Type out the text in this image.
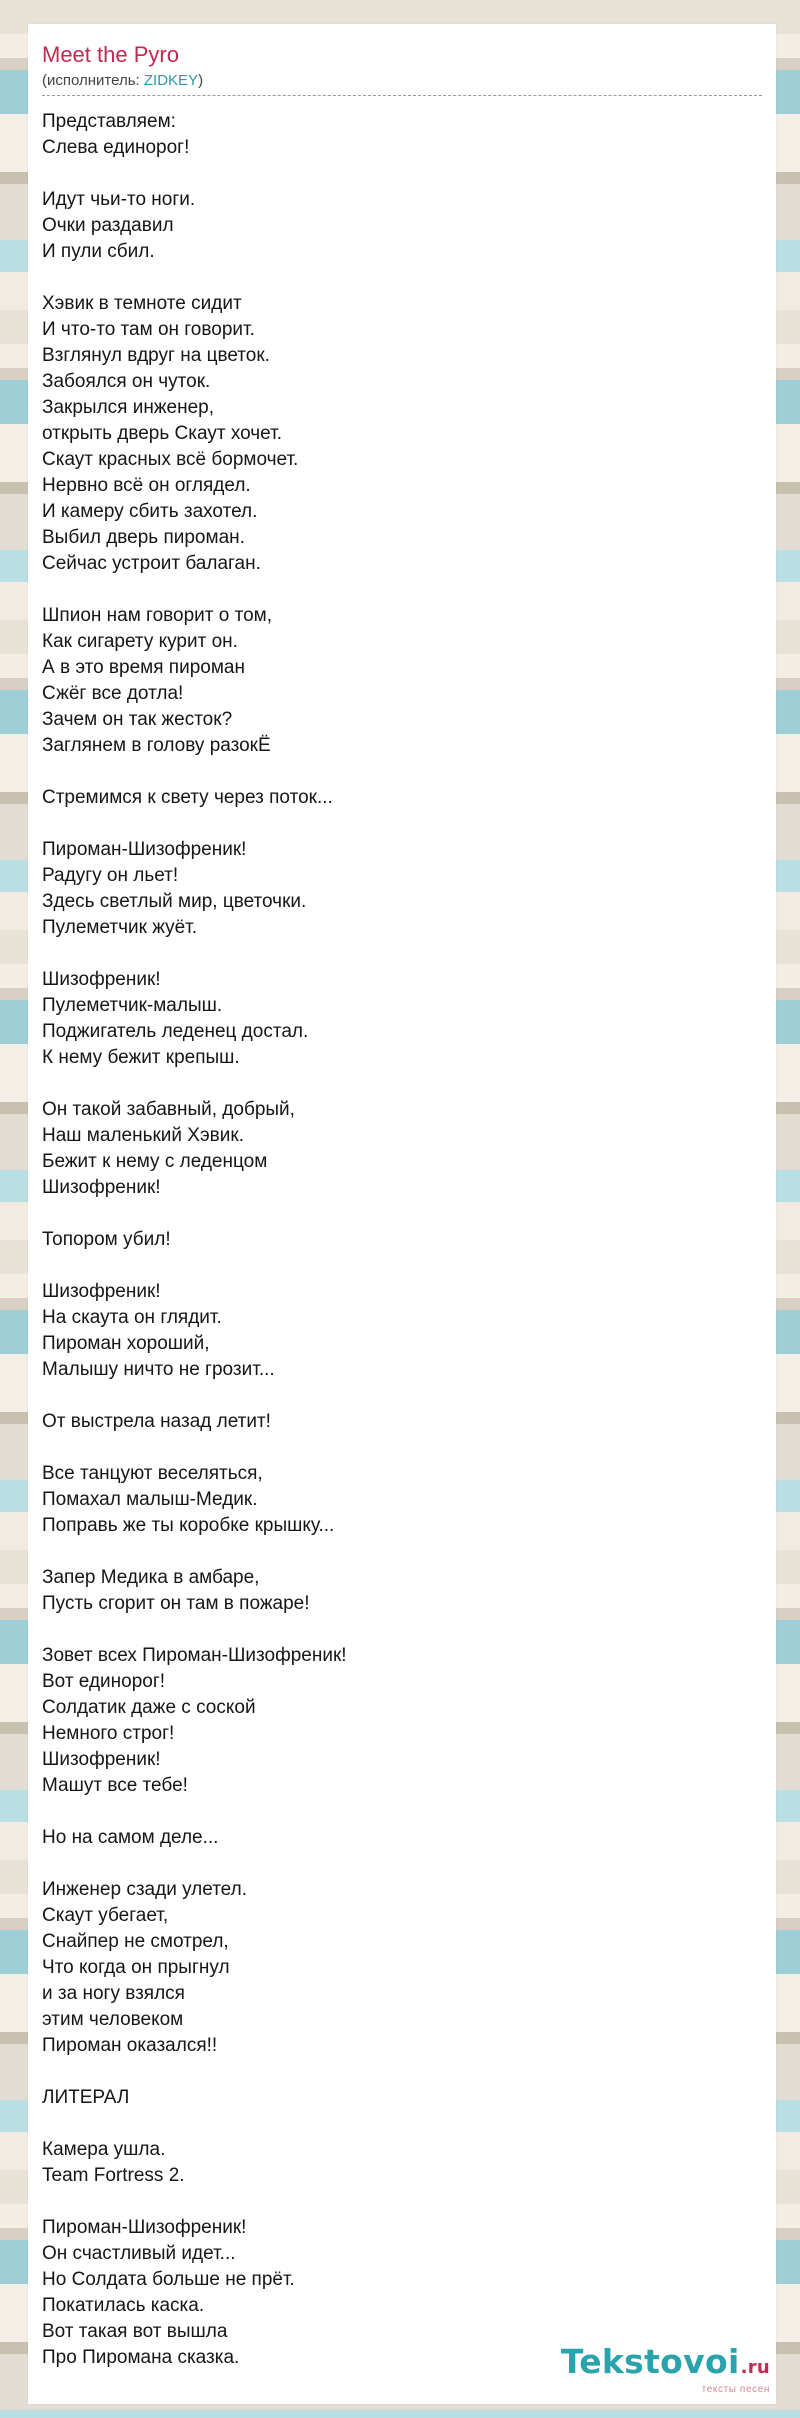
Meet the Pyro
(исполнитель: ZIDKEY)
Представляем:
Слева единорог!
Идут чьи-то ноги.
Очки раздавил
И пули сбил.
Хэвик в темноте сидит
И что-то там он говорит.
Взглянул вдруг на цветок.
Забоялся он чуток.
Закрылся инженер,
открыть дверь Скаут хочет.
Скаут красных всё бормочет.
Нервно всё он оглядел.
И камеру сбить захотел.
Выбил дверь пироман.
Сейчас устроит балаган.
Шпион нам говорит о том,
Как сигарету курит он.
А в это время пироман
Сжёг все дотла!
Зачем он так жесток?
Заглянем в голову разокЁ
Стремимся к свету через поток...
Пироман-Шизофреник!
Радугу он льет!
Здесь светлый мир, цветочки.
Пулеметчик жуёт.
Шизофреник!
Пулеметчик-малыш.
Поджигатель леденец достал.
К нему бежит крепыш.
Он такой забавный, добрый,
Наш маленький Хэвик.
Бежит к нему с леденцом
Шизофреник!
Топором убил!
Шизофреник!
На скаута он глядит.
Пироман хороший,
Малышу ничто не грозит...
От выстрела назад летит!
Все танцуют веселяться,
Помахал малыш-Медик.
Поправь же ты коробке крышку...
Запер Медика в амбаре,
Пусть сгорит он там в пожаре!
Зовет всех Пироман-Шизофреник!
Вот единорог!
Солдатик даже с соской
Немного строг!
Шизофреник!
Машут все тебе!
Но на самом деле...
Инженер сзади улетел.
Скаут убегает,
Снайпер не смотрел,
Что когда он прыгнул
и за ногу взялся
этим человеком
Пироман оказался!!
ЛИТЕРАЛ
Камера ушла.
Team Fortress 2.
Пироман-Шизофреник!
Он счастливый идет...
Но Солдата больше не прёт.
Покатилась каска.
Вот такая вот вышла
Про Пиромана сказка.	Tekstovoi.ru
тексты песен
